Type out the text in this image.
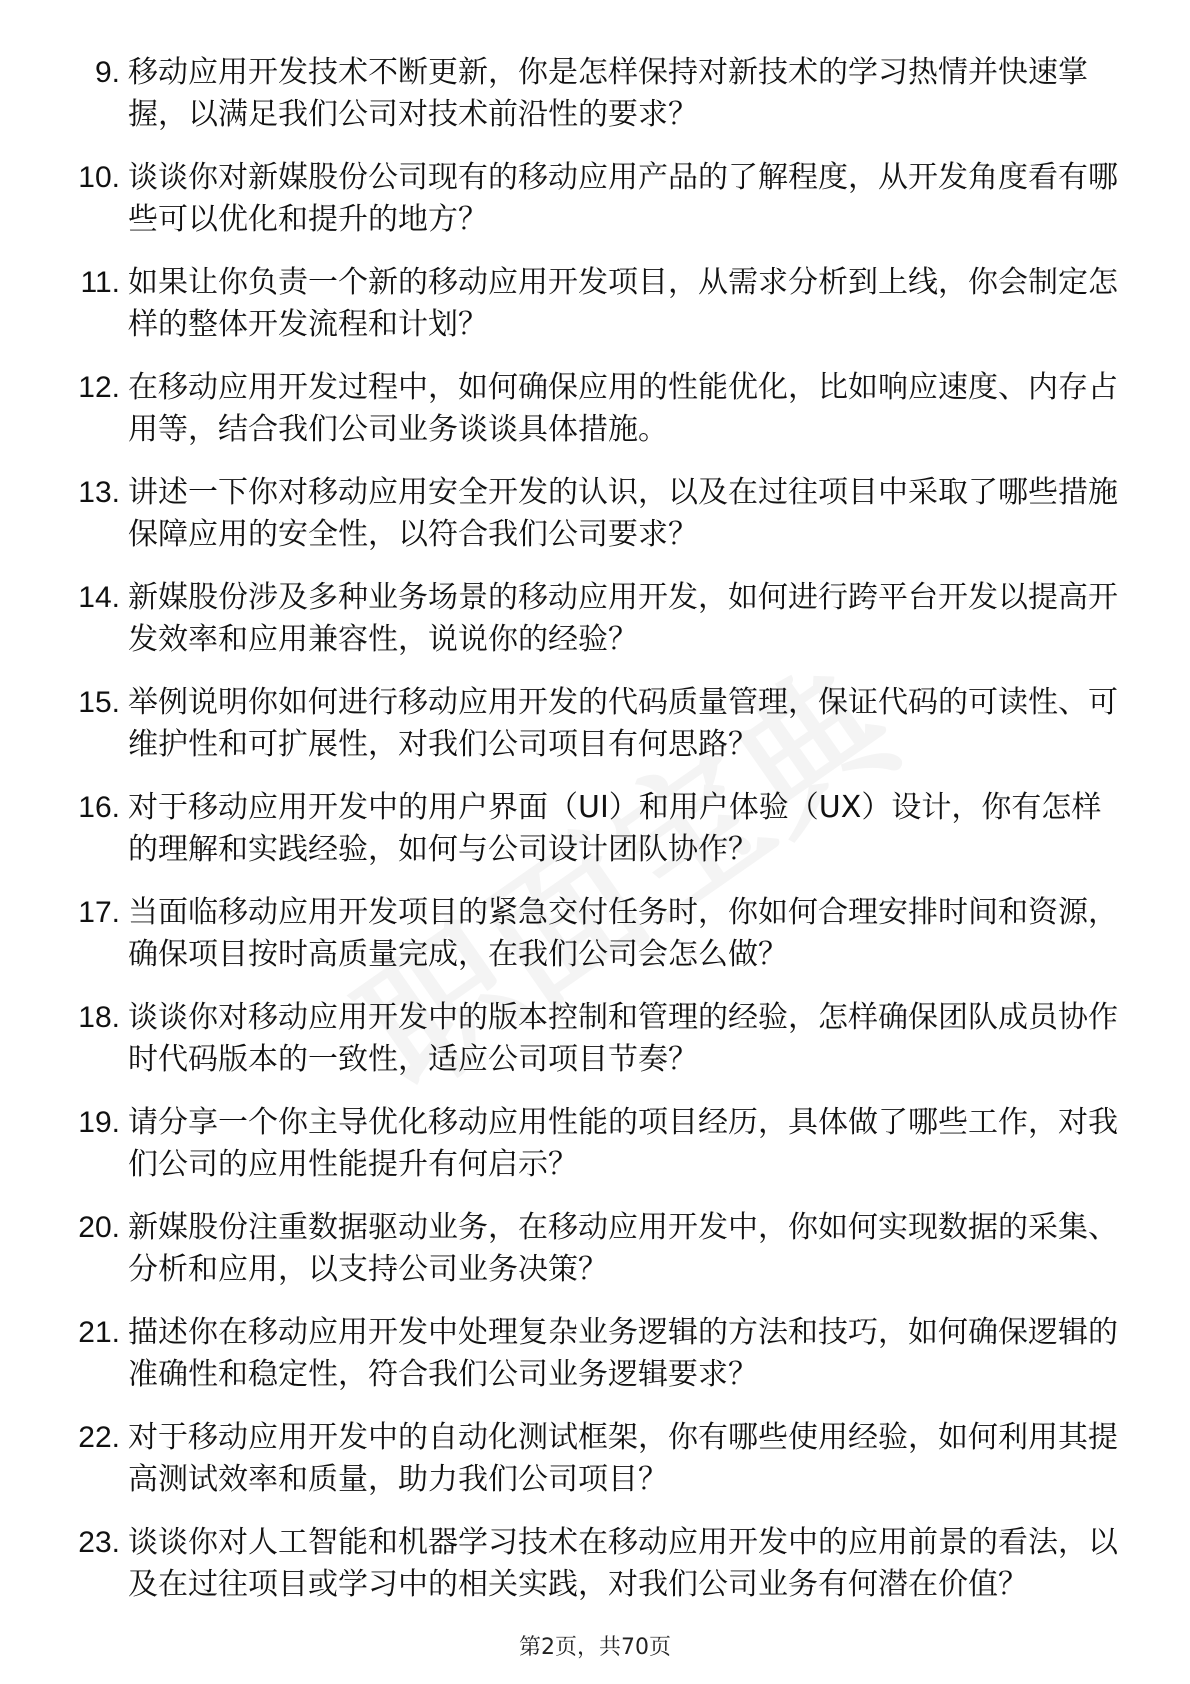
9. 移动应用开发技术不断更新，你是怎样保持对新技术的学习热情并快速掌握，以满足我们公司对技术前沿性的要求？
10. 谈谈你对新媒股份公司现有的移动应用产品的了解程度，从开发角度看有哪些可以优化和提升的地方？
11. 如果让你负责一个新的移动应用开发项目，从需求分析到上线，你会制定怎样的整体开发流程和计划？
12. 在移动应用开发过程中，如何确保应用的性能优化，比如响应速度、内存占用等，结合我们公司业务谈谈具体措施。
13. 讲述一下你对移动应用安全开发的认识，以及在过往项目中采取了哪些措施保障应用的安全性，以符合我们公司要求？
14. 新媒股份涉及多种业务场景的移动应用开发，如何进行跨平台开发以提高开发效率和应用兼容性，说说你的经验？
15. 举例说明你如何进行移动应用开发的代码质量管理，保证代码的可读性、可维护性和可扩展性，对我们公司项目有何思路？
16. 对于移动应用开发中的用户界面（UI）和用户体验（UX）设计，你有怎样的理解和实践经验，如何与公司设计团队协作？
17. 当面临移动应用开发项目的紧急交付任务时，你如何合理安排时间和资源，确保项目按时高质量完成，在我们公司会怎么做？
18. 谈谈你对移动应用开发中的版本控制和管理的经验，怎样确保团队成员协作时代码版本的一致性，适应公司项目节奏？
19. 请分享一个你主导优化移动应用性能的项目经历，具体做了哪些工作，对我们公司的应用性能提升有何启示？
20. 新媒股份注重数据驱动业务，在移动应用开发中，你如何实现数据的采集、分析和应用，以支持公司业务决策？
21. 描述你在移动应用开发中处理复杂业务逻辑的方法和技巧，如何确保逻辑的准确性和稳定性，符合我们公司业务逻辑要求？
22. 对于移动应用开发中的自动化测试框架，你有哪些使用经验，如何利用其提高测试效率和质量，助力我们公司项目？
23. 谈谈你对人工智能和机器学习技术在移动应用开发中的应用前景的看法，以及在过往项目或学习中的相关实践，对我们公司业务有何潜在价值？
第2页，共70页
